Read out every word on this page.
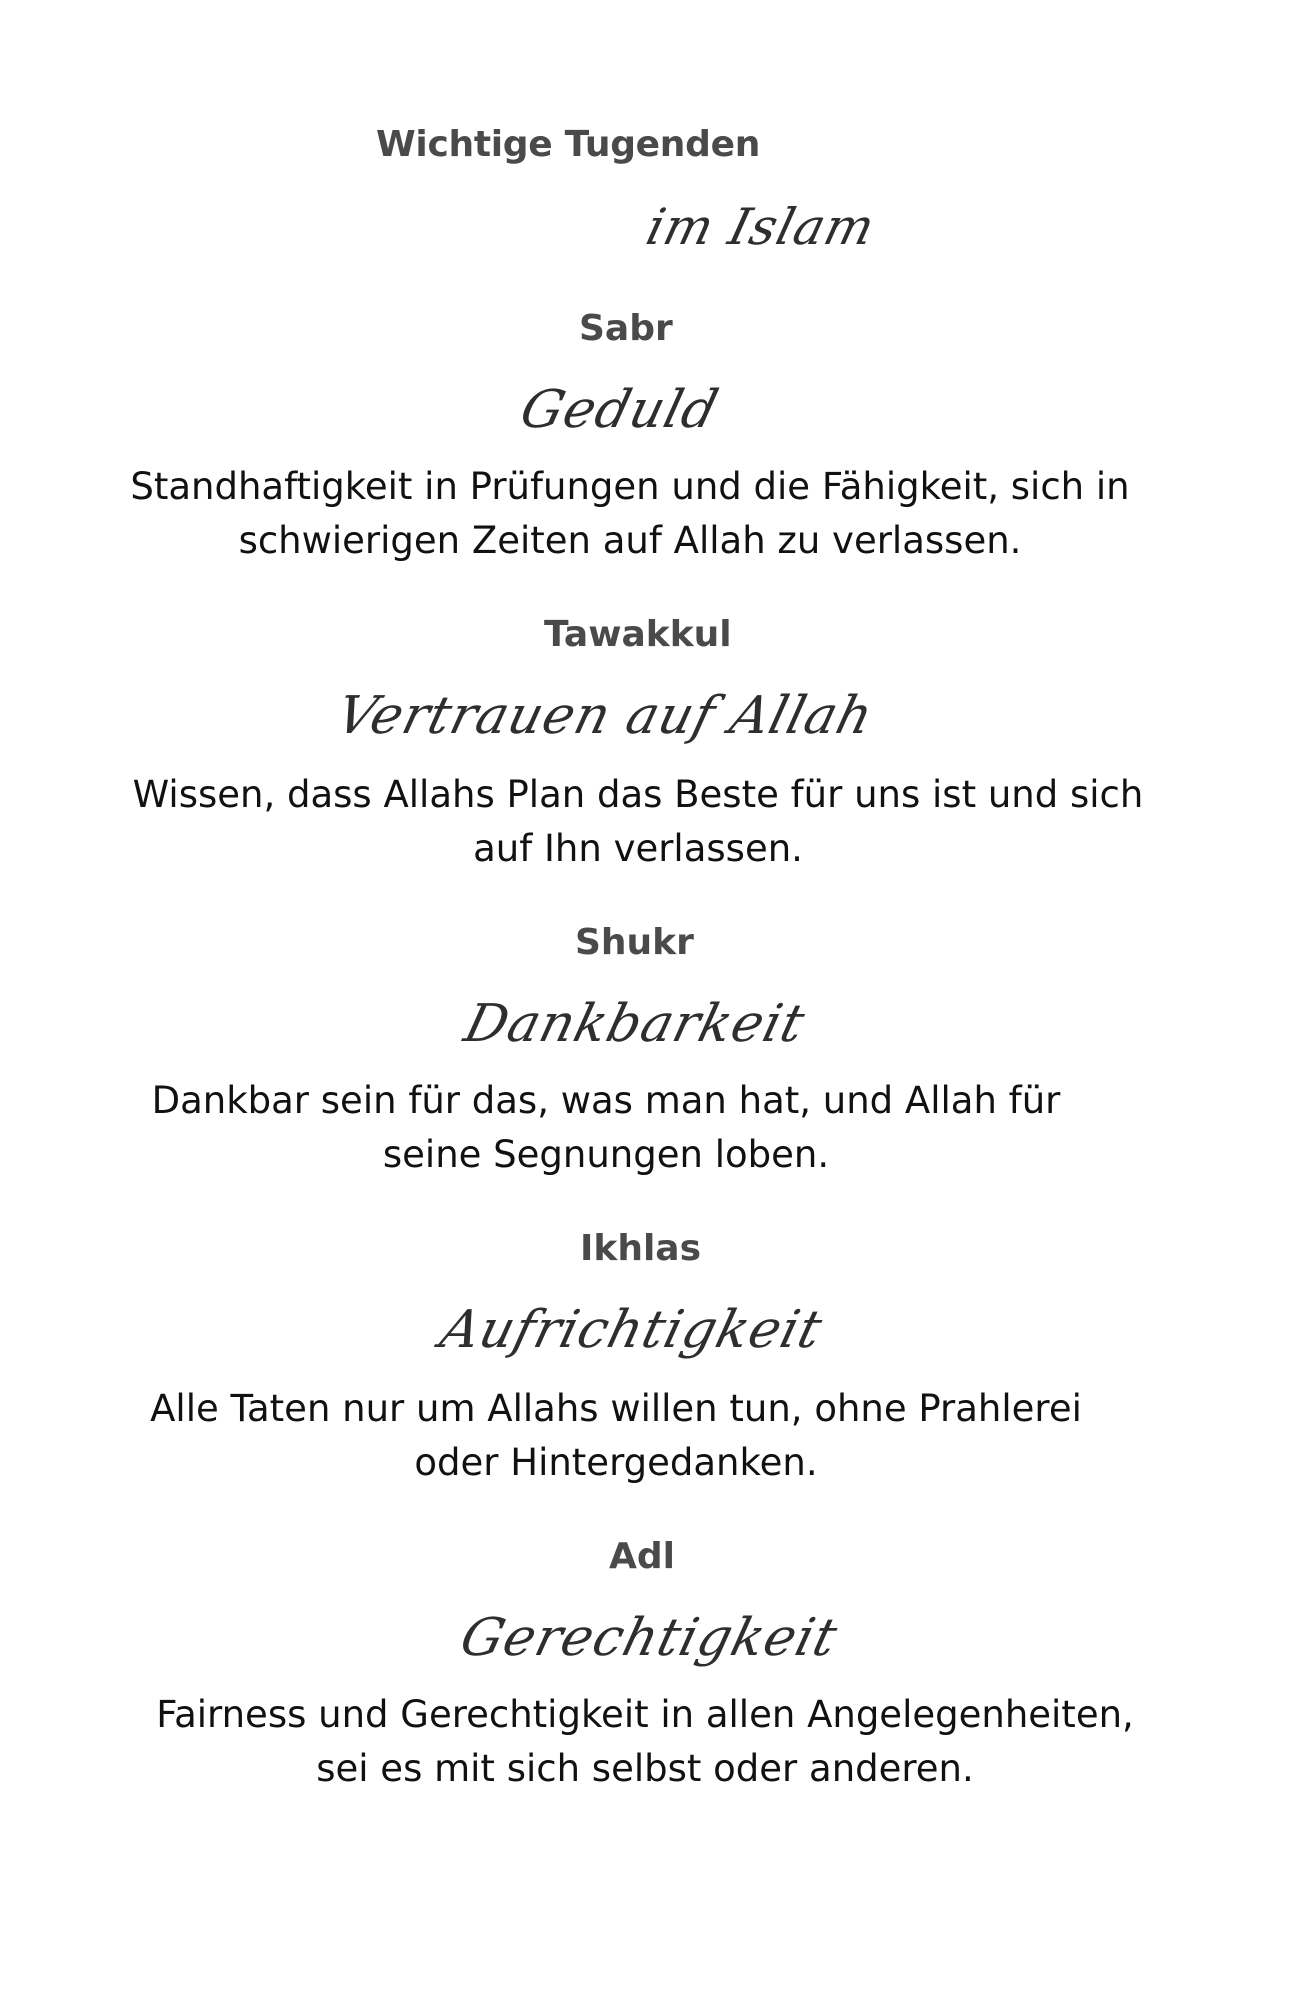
Wichtige Tugenden
im Islam
Sabr
Geduld

Standhaftigkeit in Prüfungen und die Fähigkeit, sich in
schwierigen Zeiten auf Allah zu verlassen.

Tawakkul
Vertrauen auf Allah

Wissen, dass Allahs Plan das Beste für uns ist und sich
auf Ihn verlassen.

Shukr
Dankbarkeit

Dankbar sein für das, was man hat, und Allah für
seine Segnungen loben.

Ikhlas
Aufrichtigkeit

Alle Taten nur um Allahs willen tun, ohne Prahlerei
oder Hintergedanken.

Adl
Gerechtigkeit

Fairness und Gerechtigkeit in allen Angelegenheiten,
sei es mit sich selbst oder anderen.
